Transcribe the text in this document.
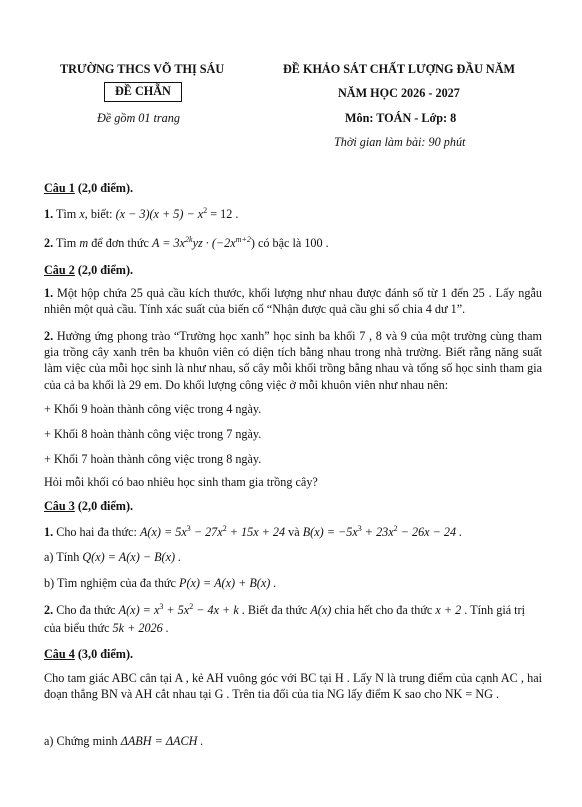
TRƯỜNG THCS VÕ THỊ SÁU	ĐỀ KHẢO SÁT CHẤT LƯỢNG ĐẦU NĂM
ĐỀ CHẴN	NĂM HỌC 2026 - 2027
Đề gồm 01 trang	Môn: TOÁN - Lớp: 8
Thời gian làm bài: 90 phút
Câu 1 (2,0 điểm).
1. Tìm x, biết: $(x - 3)(x + 5) - x^2 = 12$ .
2. Tìm m để đơn thức $A = 3x^{2k}yz \cdot (-2x^{m+2})$ có bậc là 100 .
Câu 2 (2,0 điểm).
1. Một hộp chứa 25 quả cầu kích thước, khối lượng như nhau được đánh số từ 1 đến 25 . Lấy ngẫu nhiên một quả cầu. Tính xác suất của biến cố “Nhận được quả cầu ghi số chia 4 dư 1”.
2. Hưởng ứng phong trào “Trường học xanh” học sinh ba khối 7 , 8 và 9 của một trường cùng tham gia trồng cây xanh trên ba khuôn viên có diện tích bằng nhau trong nhà trường. Biết rằng năng suất làm việc của mỗi học sinh là như nhau, số cây mỗi khối trồng bằng nhau và tổng số học sinh tham gia của cả ba khối là 29 em. Do khối lượng công việc ở mỗi khuôn viên như nhau nên:
+ Khối 9 hoàn thành công việc trong 4 ngày.
+ Khối 8 hoàn thành công việc trong 7 ngày.
+ Khối 7 hoàn thành công việc trong 8 ngày.
Hỏi mỗi khối có bao nhiêu học sinh tham gia trồng cây?
Câu 3 (2,0 điểm).
1. Cho hai đa thức: $A(x) = 5x^3 - 27x^2 + 15x + 24$ và $B(x) = -5x^3 + 23x^2 - 26x - 24$ .
a) Tính Q(x) = A(x) − B(x) .
b) Tìm nghiệm của đa thức P(x) = A(x) + B(x) .
2. Cho đa thức $A(x) = x^3 + 5x^2 - 4x + k$ . Biết đa thức A(x) chia hết cho đa thức x + 2 . Tính giá trị
của biểu thức 5k + 2026 .
Câu 4 (3,0 điểm).
Cho tam giác ABC cân tại A , kẻ AH vuông góc với BC tại H . Lấy N là trung điểm của cạnh AC , hai đoạn thẳng BN và AH cắt nhau tại G . Trên tia đối của tia NG lấy điểm K sao cho NK = NG .
a) Chứng minh ΔABH = ΔACH .
